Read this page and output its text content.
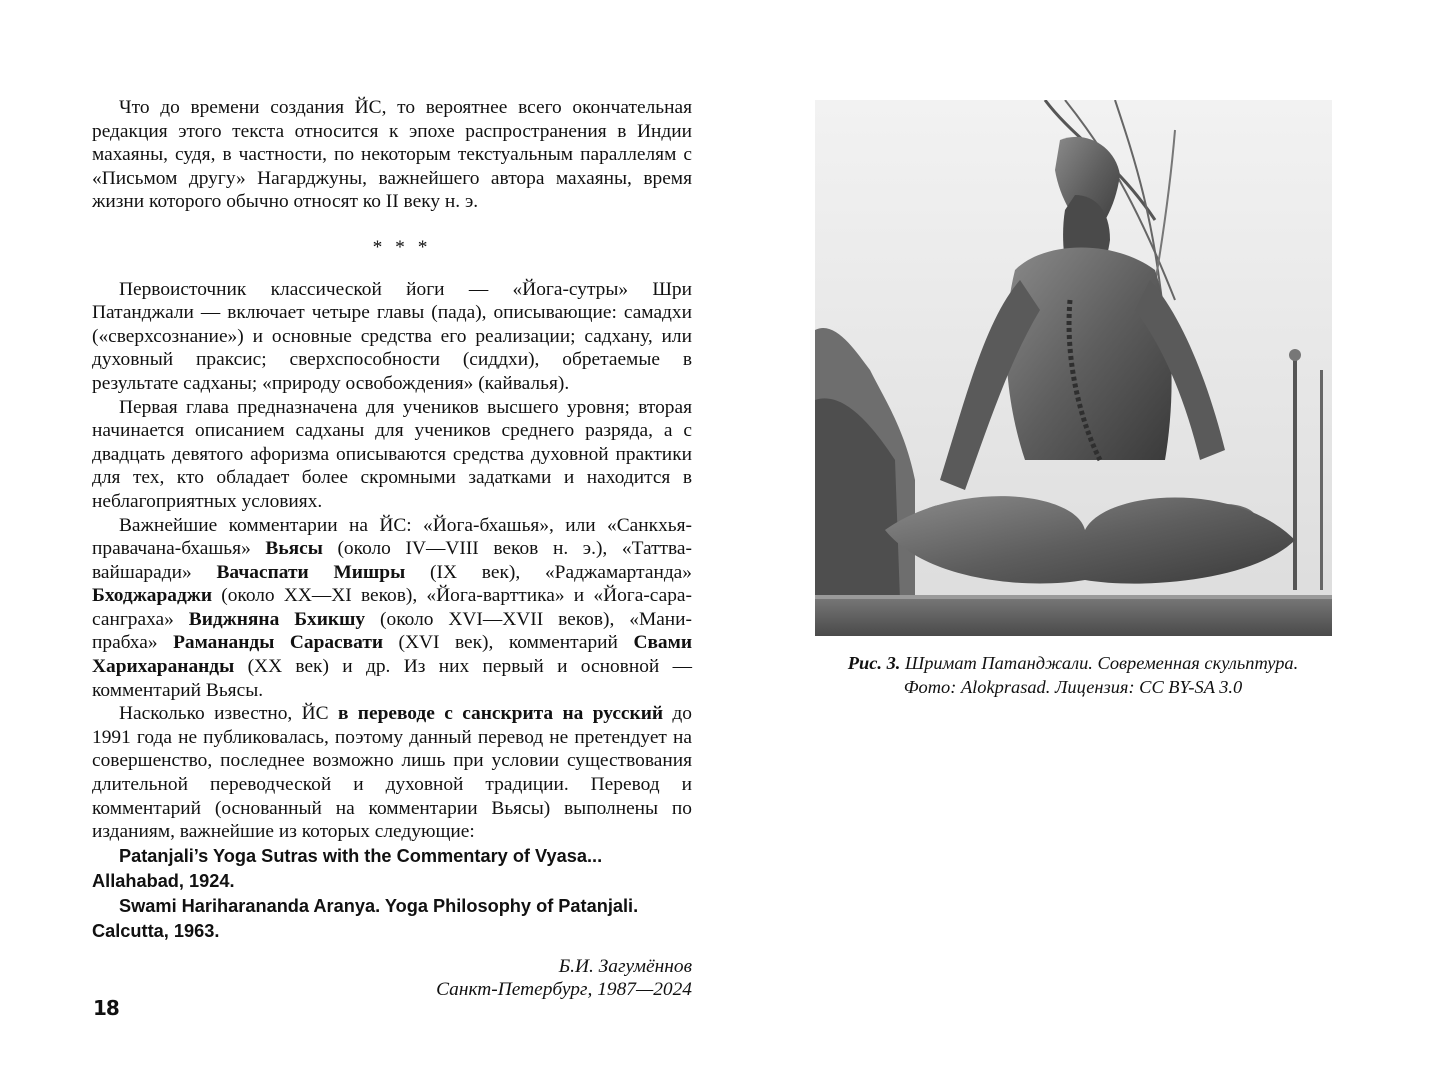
Что до времени создания ЙС, то вероятнее всего окончательная редакция этого текста относится к эпохе распространения в Индии махаяны, судя, в частности, по некоторым текстуальным параллелям с «Письмом другу» Нагарджуны, важнейшего автора махаяны, время жизни которого обычно относят ко II веку н. э.

* * *

Первоисточник классической йоги — «Йога-сутры» Шри Патанджали — включает четыре главы (пада), описывающие: самадхи («сверхсознание») и основные средства его реализации; садхану, или духовный праксис; сверхспособности (сиддхи), обретаемые в результате садханы; «природу освобождения» (кайвалья).

Первая глава предназначена для учеников высшего уровня; вторая начинается описанием садханы для учеников среднего разряда, а с двадцать девятого афоризма описываются средства духовной практики для тех, кто обладает более скромными задатками и находится в неблагоприятных условиях.

Важнейшие комментарии на ЙС: «Йога-бхашья», или «Санкхья-правачана-бхашья» Вьясы (около IV—VIII веков н. э.), «Таттва-вайшаради» Вачаспати Мишры (IX век), «Раджамартанда» Бходжараджи (около XX—XI веков), «Йога-варттика» и «Йога-сара-санграха» Виджняна Бхикшу (около XVI—XVII веков), «Мани-прабха» Рамананды Сарасвати (XVI век), комментарий Свами Харихарананды (XX век) и др. Из них первый и основной — комментарий Вьясы.

Насколько известно, ЙС в переводе с санскрита на русский до 1991 года не публиковалась, поэтому данный перевод не претендует на совершенство, последнее возможно лишь при условии существования длительной переводческой и духовной традиции. Перевод и комментарий (основанный на комментарии Вьясы) выполнены по изданиям, важнейшие из которых следующие:

Patanjali’s Yoga Sutras with the Commentary of Vyasa... Allahabad, 1924.

Swami Hariharananda Aranya. Yoga Philosophy of Patanjali. Calcutta, 1963.

Б.И. Загумённов

Санкт-Петербург, 1987—2024

18
Рис. 3. Шримат Патанджали. Современная скульптура.
Фото: Alokprasad. Лицензия: CC BY-SA 3.0
